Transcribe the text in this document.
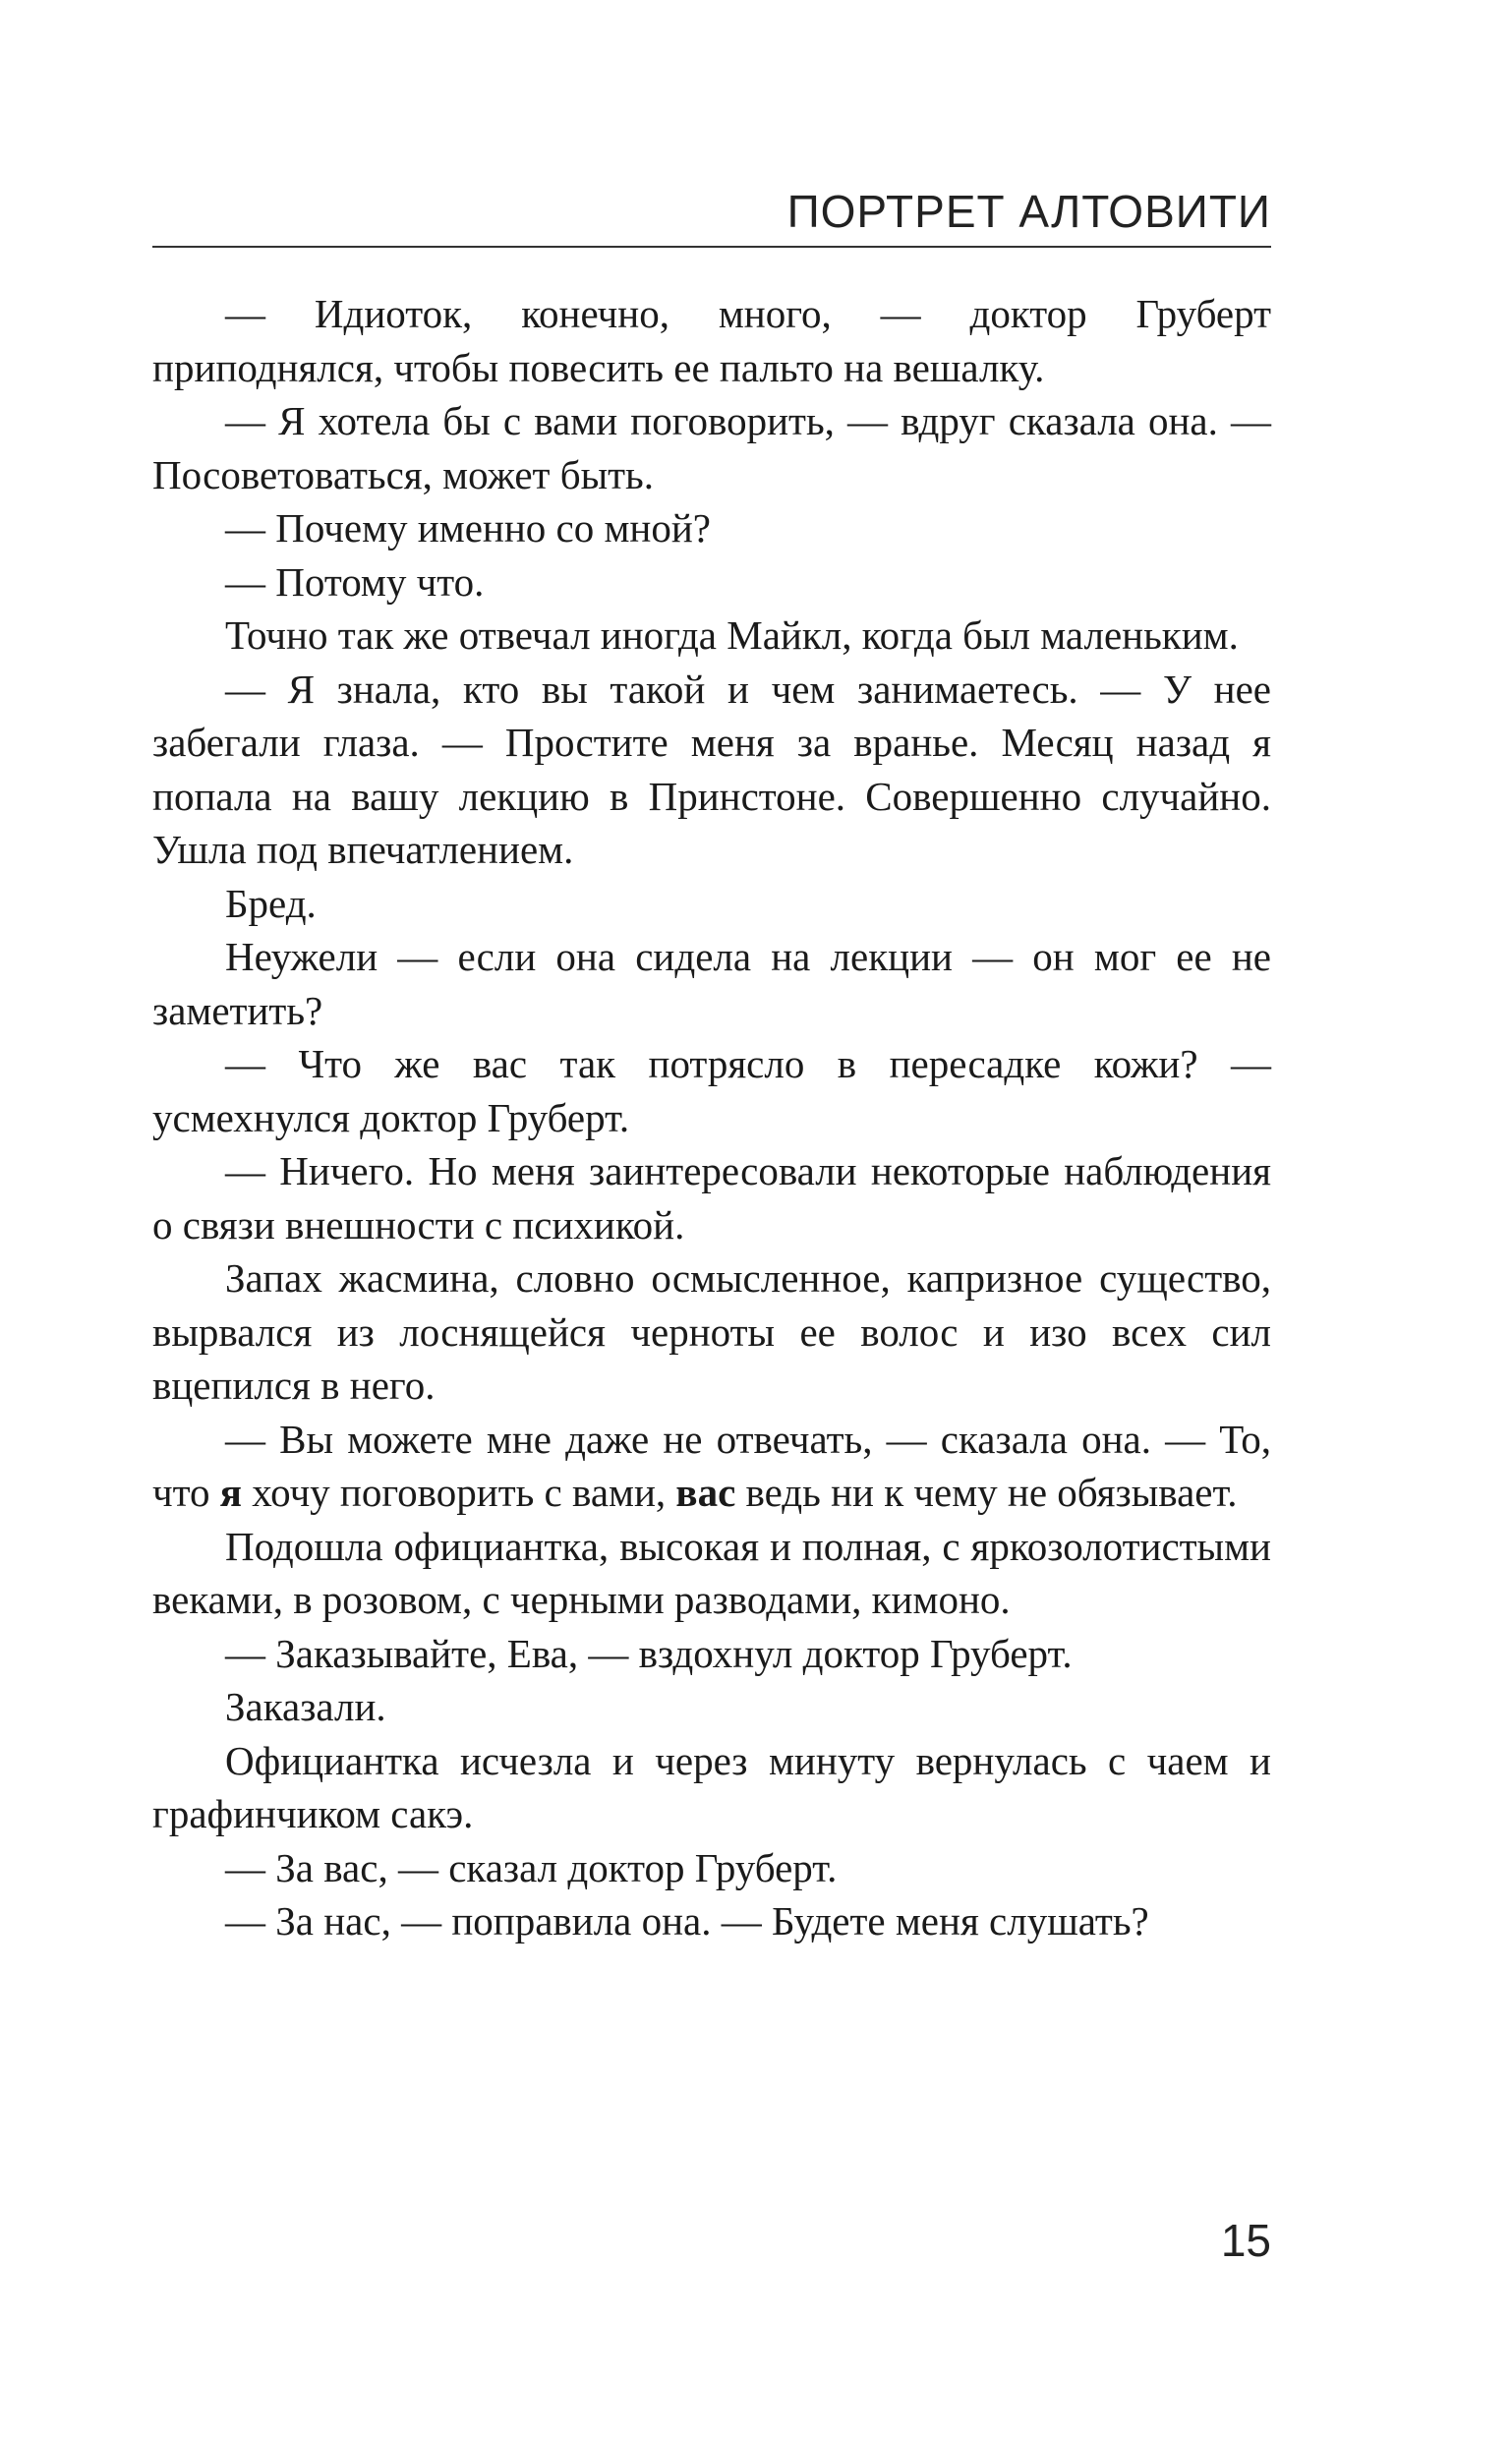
ПОРТРЕТ АЛТОВИТИ

— Идиоток, конечно, много, — доктор Груберт приподнялся, чтобы повесить ее пальто на вешалку.

— Я хотела бы с вами поговорить, — вдруг сказала она. — Посоветоваться, может быть.

— Почему именно со мной?

— Потому что.

Точно так же отвечал иногда Майкл, когда был маленьким.

— Я знала, кто вы такой и чем занимаетесь. — У нее забегали глаза. — Простите меня за вранье. Месяц назад я попала на вашу лекцию в Принстоне. Совершенно случайно. Ушла под впечатлением.

Бред.

Неужели — если она сидела на лекции — он мог ее не заметить?

— Что же вас так потрясло в пересадке кожи? — усмехнулся доктор Груберт.

— Ничего. Но меня заинтересовали некоторые наблюдения о связи внешности с психикой.

Запах жасмина, словно осмысленное, капризное существо, вырвался из лоснящейся черноты ее волос и изо всех сил вцепился в него.

— Вы можете мне даже не отвечать, — сказала она. — То, что я хочу поговорить с вами, вас ведь ни к чему не обязывает.

Подошла официантка, высокая и полная, с яркозолотистыми веками, в розовом, с черными разводами, кимоно.

— Заказывайте, Ева, — вздохнул доктор Груберт.

Заказали.

Официантка исчезла и через минуту вернулась с чаем и графинчиком сакэ.

— За вас, — сказал доктор Груберт.

— За нас, — поправила она. — Будете меня слушать?

15
